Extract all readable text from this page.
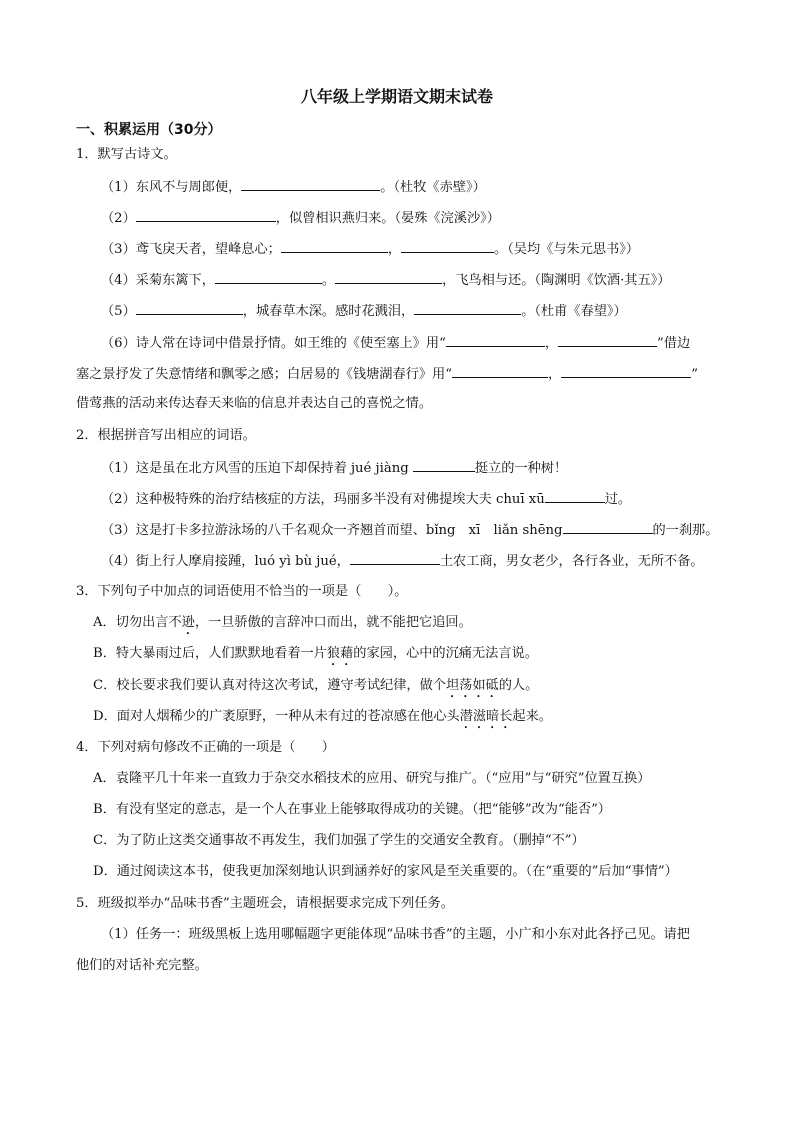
八年级上学期语文期末试卷
一、积累运用（30分）
1．默写古诗文。
（1）东风不与周郎便，	。（杜牧《赤壁》）
（2）	，似曾相识燕归来。（晏殊《浣溪沙》）
（3）鸢飞戾天者，望峰息心；	，	。（吴均《与朱元思书》）
（4）采菊东篱下，	。	，飞鸟相与还。（陶渊明《饮酒·其五》）
（5）	，城春草木深。感时花溅泪，	。（杜甫《春望》）
（6）诗人常在诗词中借景抒情。如王维的《使至塞上》用“	，	”借边
塞之景抒发了失意情绪和飘零之感；白居易的《钱塘湖春行》用“	，	”
借莺燕的活动来传达春天来临的信息并表达自己的喜悦之情。
2．根据拼音写出相应的词语。
（1）这是虽在北方风雪的压迫下却保持着 jué jiàng	挺立的一种树！
（2）这种极特殊的治疗结核症的方法，玛丽多半没有对佛提埃大夫 chuī xū	过。
（3）这是打卡多拉游泳场的八千名观众一齐翘首而望、bǐng　xī　liǎn shēng	的一刹那。
（4）街上行人摩肩接踵，luó yì bù jué，	土农工商，男女老少，各行各业，无所不备。
3．下列句子中加点的词语使用不恰当的一项是（　　）。
A．切勿出言不逊，一旦骄傲的言辞冲口而出，就不能把它追回。
B．特大暴雨过后，人们默默地看着一片狼藉的家园，心中的沉痛无法言说。
C．校长要求我们要认真对待这次考试，遵守考试纪律，做个坦荡如砥的人。
D．面对人烟稀少的广袤原野，一种从未有过的苍凉感在他心头潜滋暗长起来。
4．下列对病句修改不正确的一项是（　　）
A．袁隆平几十年来一直致力于杂交水稻技术的应用、研究与推广。（“应用”与“研究”位置互换）
B．有没有坚定的意志，是一个人在事业上能够取得成功的关键。（把“能够”改为“能否”）
C．为了防止这类交通事故不再发生，我们加强了学生的交通安全教育。（删掉“不”）
D．通过阅读这本书，使我更加深刻地认识到涵养好的家风是至关重要的。（在“重要的”后加“事情”）
5．班级拟举办“品味书香”主题班会，请根据要求完成下列任务。
（1）任务一：班级黑板上选用哪幅题字更能体现“品味书香”的主题，小广和小东对此各抒己见。请把
他们的对话补充完整。
